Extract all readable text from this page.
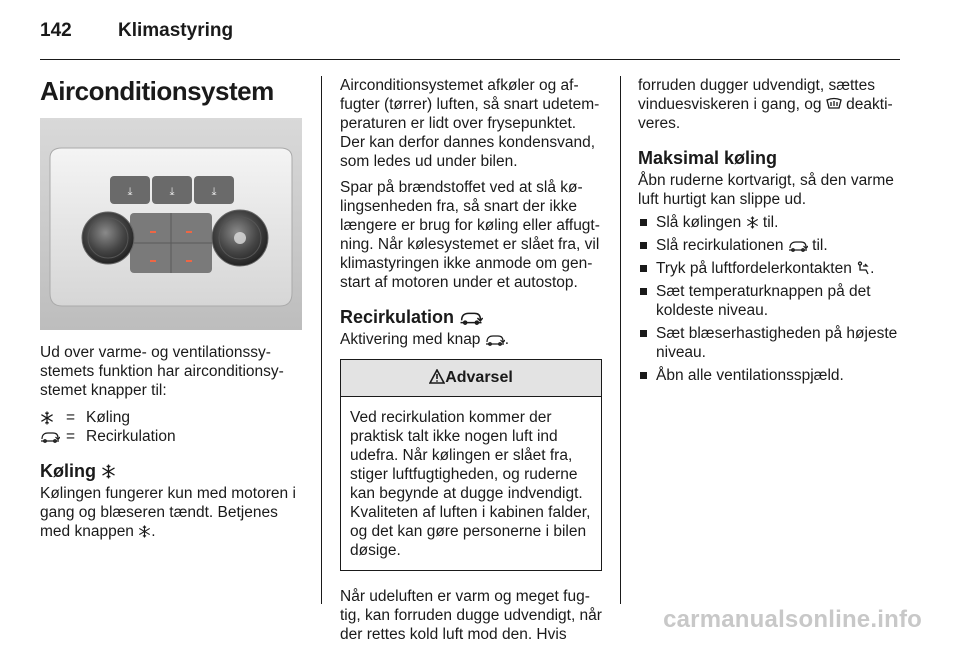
142 Klimastyring
Airconditionsystem
⤓	⤓	⤓

Ud over varme- og ventilationssystemets funktion har airconditionsystemet knapper til:

= Køling
= Recirkulation
Køling

Kølingen fungerer kun med motoren i gang og blæseren tændt. Betjenes med knappen .

Airconditionsystemet afkøler og affugter (tørrer) luften, så snart udetemperaturen er lidt over frysepunktet. Der kan derfor dannes kondensvand, som ledes ud under bilen.

Spar på brændstoffet ved at slå kølingsenheden fra, så snart der ikke længere er brug for køling eller affugtning. Når kølesystemet er slået fra, vil klimastyringen ikke anmode om genstart af motoren under et autostop.

Recirkulation

Aktivering med knap .

Advarsel
Ved recirkulation kommer der praktisk talt ikke nogen luft ind udefra. Når kølingen er slået fra, stiger luftfugtigheden, og ruderne kan begynde at dugge indvendigt. Kvaliteten af luften i kabinen falder, og det kan gøre personerne i bilen døsige.

Når udeluften er varm og meget fugtig, kan forruden dugge udvendigt, når der rettes kold luft mod den. Hvis

forruden dugger udvendigt, sættes vinduesviskeren i gang, og deaktiveres.

Maksimal køling

Åbn ruderne kortvarigt, så den varme luft hurtigt kan slippe ud.

Slå kølingen til.
Slå recirkulationen til.
Tryk på luftfordelerkontakten .
Sæt temperaturknappen på det koldeste niveau.
Sæt blæserhastigheden på højeste niveau.
Åbn alle ventilationsspjæld.
carmanualsonline.info
